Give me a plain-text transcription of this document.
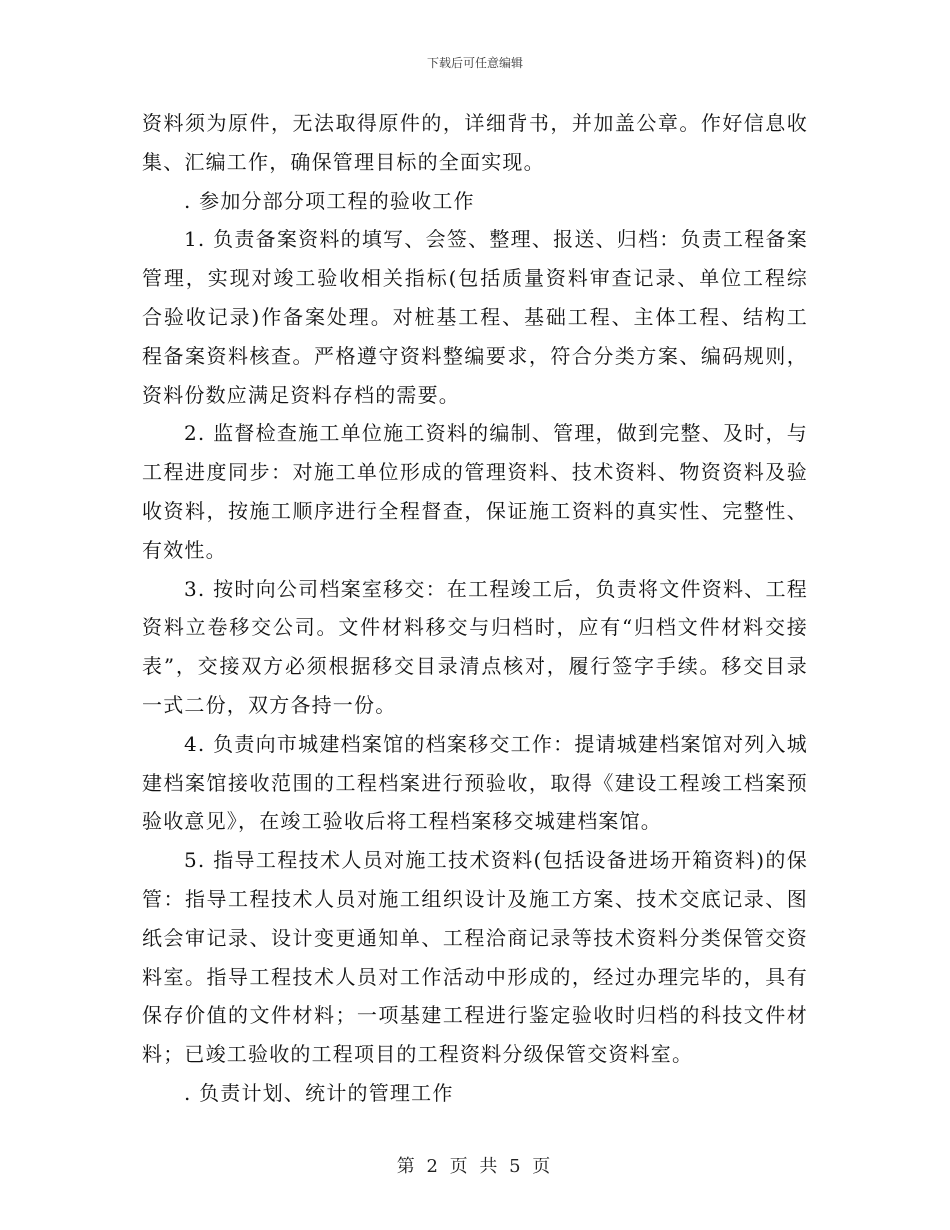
下载后可任意编辑

资料须为原件，无法取得原件的，详细背书，并加盖公章。作好信息收集、汇编工作，确保管理目标的全面实现。

. 参加分部分项工程的验收工作

1. 负责备案资料的填写、会签、整理、报送、归档：负责工程备案管理，实现对竣工验收相关指标(包括质量资料审查记录、单位工程综合验收记录)作备案处理。对桩基工程、基础工程、主体工程、结构工程备案资料核查。严格遵守资料整编要求，符合分类方案、编码规则，资料份数应满足资料存档的需要。

2. 监督检查施工单位施工资料的编制、管理，做到完整、及时，与工程进度同步：对施工单位形成的管理资料、技术资料、物资资料及验收资料，按施工顺序进行全程督查，保证施工资料的真实性、完整性、有效性。

3. 按时向公司档案室移交：在工程竣工后，负责将文件资料、工程资料立卷移交公司。文件材料移交与归档时，应有“归档文件材料交接表”，交接双方必须根据移交目录清点核对，履行签字手续。移交目录一式二份，双方各持一份。

4. 负责向市城建档案馆的档案移交工作：提请城建档案馆对列入城建档案馆接收范围的工程档案进行预验收，取得《建设工程竣工档案预验收意见》，在竣工验收后将工程档案移交城建档案馆。

5. 指导工程技术人员对施工技术资料(包括设备进场开箱资料)的保管：指导工程技术人员对施工组织设计及施工方案、技术交底记录、图纸会审记录、设计变更通知单、工程洽商记录等技术资料分类保管交资料室。指导工程技术人员对工作活动中形成的，经过办理完毕的，具有保存价值的文件材料；一项基建工程进行鉴定验收时归档的科技文件材料；已竣工验收的工程项目的工程资料分级保管交资料室。

. 负责计划、统计的管理工作

第 2 页 共 5 页
